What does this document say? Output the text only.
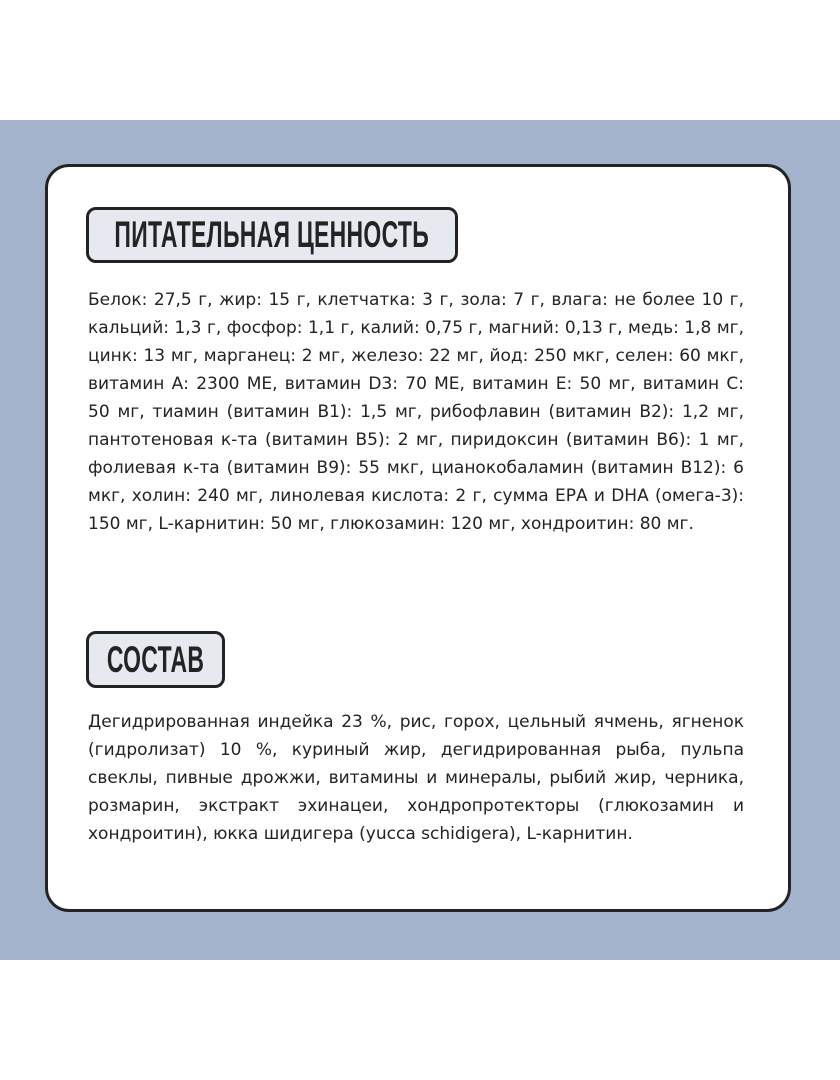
ПИТАТЕЛЬНАЯ ЦЕННОСТЬ

Белок: 27,5 г, жир: 15 г, клетчатка: 3 г, зола: 7 г, влага: не более 10 г, кальций: 1,3 г, фосфор: 1,1 г, калий: 0,75 г, магний: 0,13 г, медь: 1,8 мг, цинк: 13 мг, марганец: 2 мг, железо: 22 мг, йод: 250 мкг, селен: 60 мкг, витамин А: 2300 МЕ, витамин D3: 70 МЕ, витамин Е: 50 мг, витамин С: 50 мг, тиамин (витамин В1): 1,5 мг, рибофлавин (витамин В2): 1,2 мг, пантотеновая к-та (витамин В5): 2 мг, пиридоксин (витамин В6): 1 мг, фолиевая к-та (витамин В9): 55 мкг, цианокобаламин (витамин В12): 6 мкг, холин: 240 мг, линолевая кислота: 2 г, сумма ЕРА и DHA (омега-3): 150 мг, L-карнитин: 50 мг, глюкозамин: 120 мг, хондроитин: 80 мг.

СОСТАВ

Дегидрированная индейка 23 %, рис, горох, цельный ячмень, ягненок (гидролизат) 10 %, куриный жир, дегидрированная рыба, пульпа свеклы, пивные дрожжи, витамины и минералы, рыбий жир, черника, розмарин, экстракт эхинацеи, хондропротекторы (глюкозамин и хондроитин), юкка шидигера (yucca schidigera), L-карнитин.
